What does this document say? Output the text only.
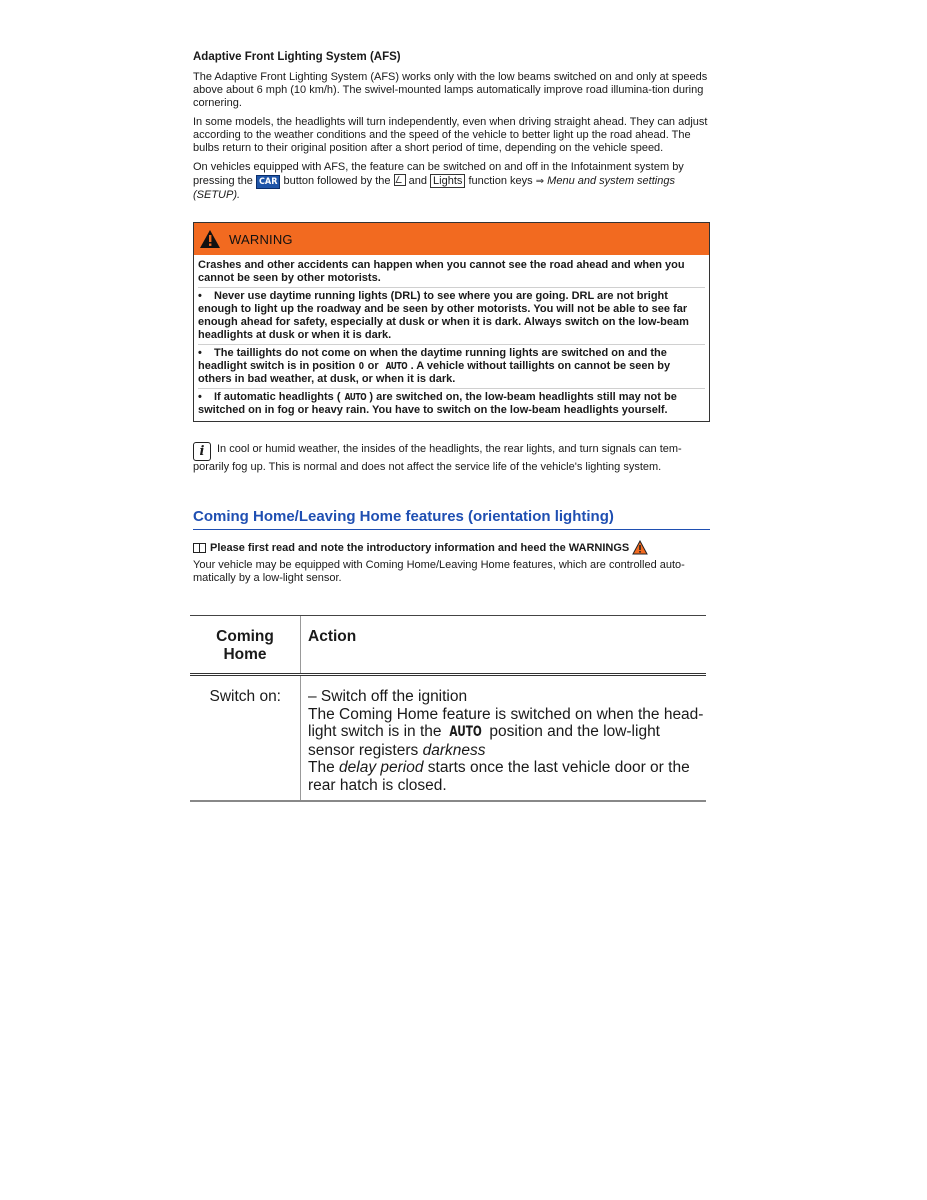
Adaptive Front Lighting System (AFS)

The Adaptive Front Lighting System (AFS) works only with the low beams switched on and only at speeds above about 6 mph (10 km/h). The swivel-mounted lamps automatically improve road illumina-tion during cornering.

In some models, the headlights will turn independently, even when driving straight ahead. They can adjust according to the weather conditions and the speed of the vehicle to better light up the road ahead. The bulbs return to their original position after a short period of time, depending on the vehicle speed.

On vehicles equipped with AFS, the feature can be switched on and off in the Infotainment system by pressing the CAR button followed by the  and Lights function keys ⇒ Menu and system settings (SETUP).

WARNING

Crashes and other accidents can happen when you cannot see the road ahead and when you cannot be seen by other motorists.

• Never use daytime running lights (DRL) to see where you are going. DRL are not bright enough to light up the roadway and be seen by other motorists. You will not be able to see far enough ahead for safety, especially at dusk or when it is dark. Always switch on the low-beam headlights at dusk or when it is dark.

• The taillights do not come on when the daytime running lights are switched on and the headlight switch is in position 0 or AUTO . A vehicle without taillights on cannot be seen by others in bad weather, at dusk, or when it is dark.

• If automatic headlights ( AUTO ) are switched on, the low-beam headlights still may not be switched on in fog or heavy rain. You have to switch on the low-beam headlights yourself.

i In cool or humid weather, the insides of the headlights, the rear lights, and turn signals can tem-porarily fog up. This is normal and does not affect the service life of the vehicle's lighting system.
Coming Home/Leaving Home features (orientation lighting)
Please first read and note the introductory information and heed the WARNINGS
Your vehicle may be equipped with Coming Home/Leaving Home features, which are controlled auto-matically by a low-light sensor.
Coming
Home
Action
Switch on:	– Switch off the ignition
The Coming Home feature is switched on when the head-light switch is in the AUTO position and the low-light sensor registers darkness
The delay period starts once the last vehicle door or the rear hatch is closed.
